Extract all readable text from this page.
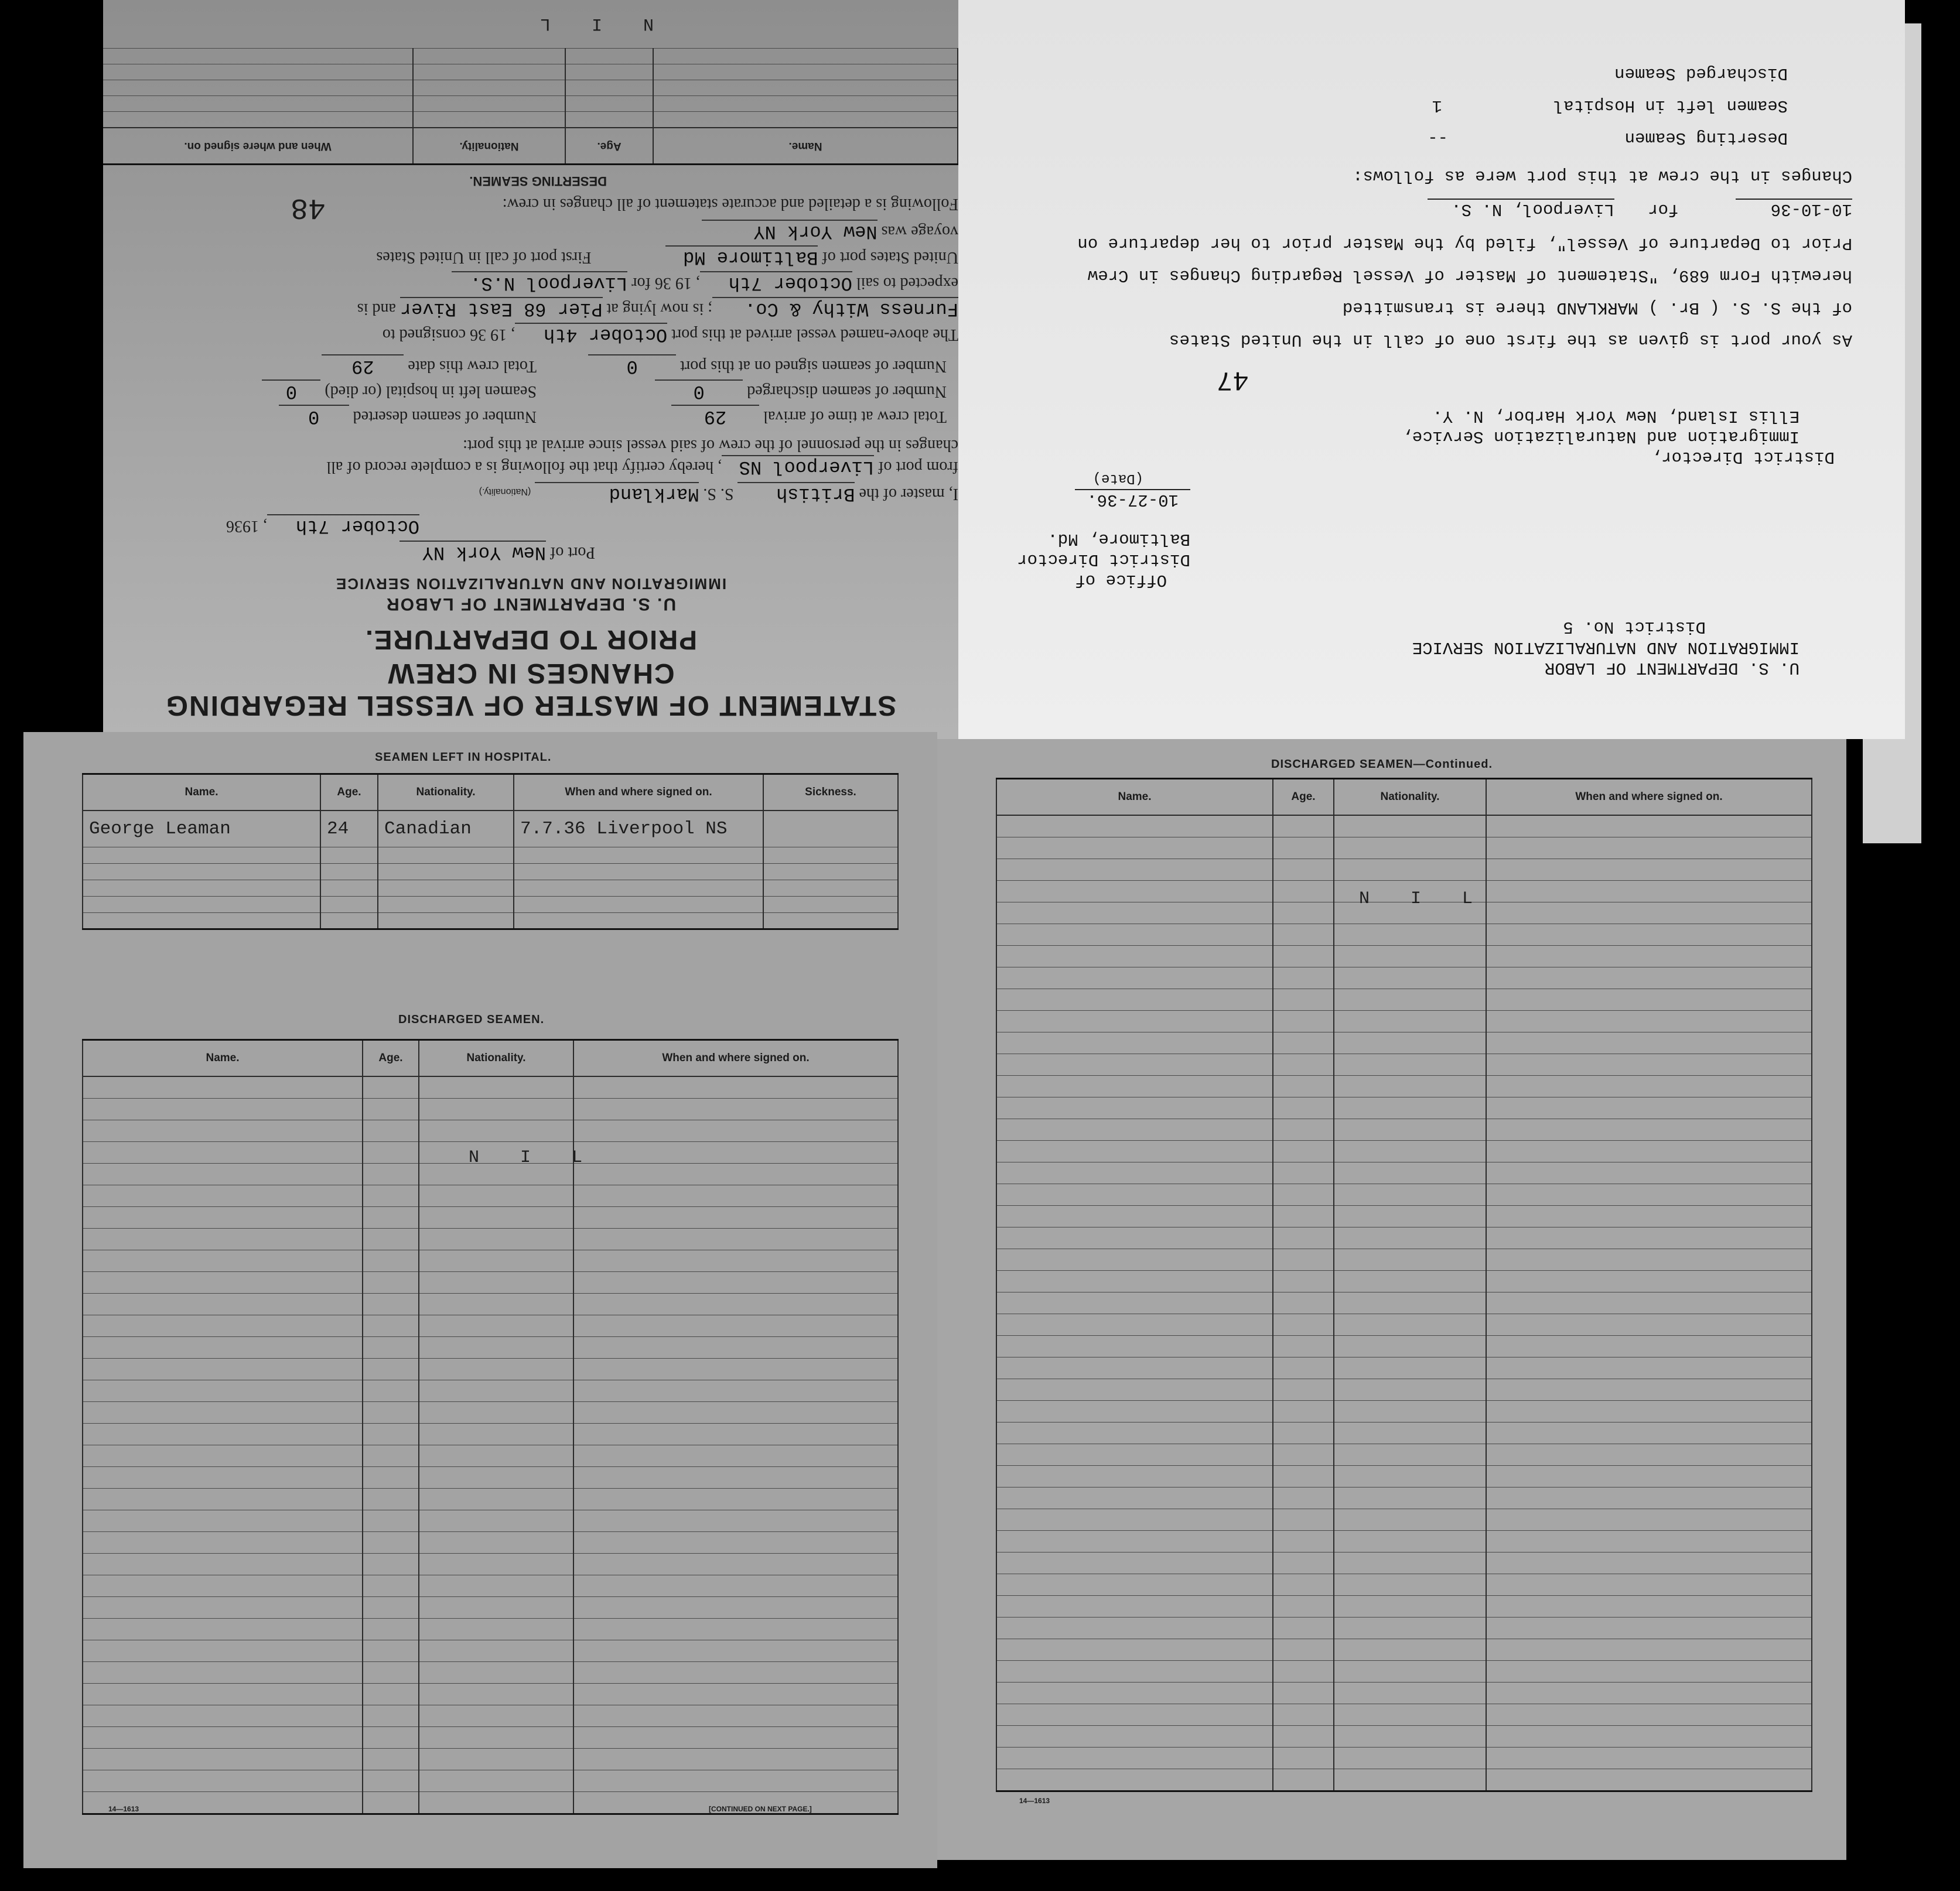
STATEMENT OF MASTER OF VESSEL REGARDING CHANGES IN CREW
PRIOR TO DEPARTURE.
U. S. DEPARTMENT OF LABOR
IMMIGRATION AND NATURALIZATION SERVICE
Port of New York NY
October 7th, 1936
I, master of the British S. S. Markland (Nationality.)
from port of Liverpool NS, hereby certify that the following is a complete record of all
changes in the personnel of the crew of said vessel since arrival at this port:
Total crew at time of arrival 29
Number of seamen deserted 0
Number of seamen discharged 0
Seamen left in hospital (or died) 0
Number of seamen signed on at this port 0
Total crew this date 29
The above-named vessel arrived at this port October 4th, 19 36 consigned to
Furness Withy & Co.; is now lying at Pier 68 East River and is
expected to sail October 7th, 19 36 for Liverpool N.S.
United States port of Baltimore Md First port of call in United States
voyage was New York NY
48	Following is a detailed and accurate statement of all changes in crew:
DESERTING SEAMEN.
Name.	Age.	Nationality.	When and where signed on.

N I L
U. S. DEPARTMENT OF LABOR
IMMIGRATION AND NATURALIZATION SERVICE
District No. 5
Office of
District Director
Baltimore, Md.
10-27-36.
(Date)
District Director,
Immigration and Naturalization Service,
Ellis Island, New York Harbor, N. Y.
47
As your port is given as the first one of call in the United States
of the S. S. ( Br. ) MARKLAND there is transmitted
herewith Form 689, "Statement of Master of Vessel Regarding Changes in Crew
Prior to Departure of Vessel", filed by the Master prior to her departure on
10-10-36 for Liverpool, N. S.
Changes in the crew at this port were as follows:
Deserting Seamen
--
Seamen left in Hospital
1
Discharged Seamen
SEAMEN LEFT IN HOSPITAL.
Name.	Age.	Nationality.	When and where signed on.	Sickness.
George Leaman	24	Canadian	7.7.36 Liverpool NS	

DISCHARGED SEAMEN.
Name.	Age.	Nationality.	When and where signed on.

N I L
14—1613	[CONTINUED ON NEXT PAGE.]
DISCHARGED SEAMEN—Continued.
Name.	Age.	Nationality.	When and where signed on.

N I L
14—1613
